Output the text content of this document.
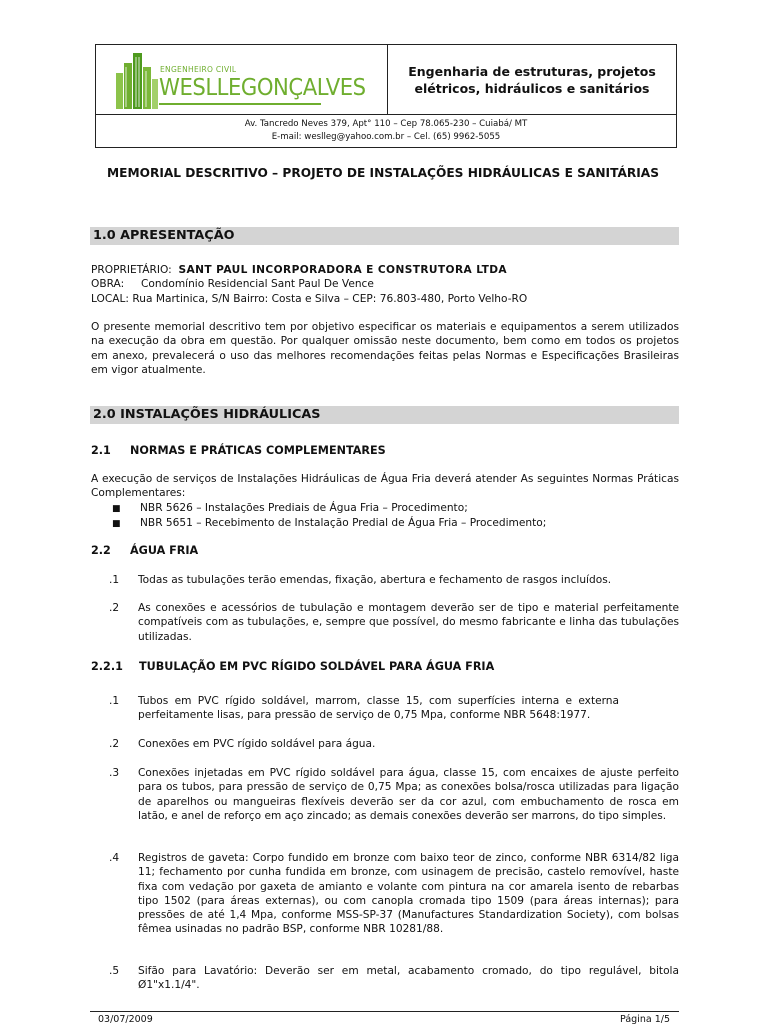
ENGENHEIRO CIVIL
WESLLEGONÇALVES
Engenharia de estruturas, projetos elétricos, hidráulicos e sanitários
Av. Tancredo Neves 379, Apt° 110 – Cep 78.065-230 – Cuiabá/ MT
E-mail: weslleg@yahoo.com.br – Cel. (65) 9962-5055
MEMORIAL DESCRITIVO – PROJETO DE INSTALAÇÕES HIDRÁULICAS E SANITÁRIAS
1.0 APRESENTAÇÃO
PROPRIETÁRIO: SANT PAUL INCORPORADORA E CONSTRUTORA LTDA
OBRA: Condomínio Residencial Sant Paul De Vence
LOCAL: Rua Martinica, S/N Bairro: Costa e Silva – CEP: 76.803-480, Porto Velho-RO
O presente memorial descritivo tem por objetivo especificar os materiais e equipamentos a serem utilizados na execução da obra em questão. Por qualquer omissão neste documento, bem como em todos os projetos em anexo, prevalecerá o uso das melhores recomendações feitas pelas Normas e Especificações Brasileiras em vigor atualmente.
2.0 INSTALAÇÕES HIDRÁULICAS
2.1 NORMAS E PRÁTICAS COMPLEMENTARES
A execução de serviços de Instalações Hidráulicas de Água Fria deverá atender As seguintes Normas Práticas Complementares:
■ NBR 5626 – Instalações Prediais de Água Fria – Procedimento;
■ NBR 5651 – Recebimento de Instalação Predial de Água Fria – Procedimento;
2.2 ÁGUA FRIA
.1 Todas as tubulações terão emendas, fixação, abertura e fechamento de rasgos incluídos.
.2 As conexões e acessórios de tubulação e montagem deverão ser de tipo e material perfeitamente compatíveis com as tubulações, e, sempre que possível, do mesmo fabricante e linha das tubulações utilizadas.
2.2.1 TUBULAÇÃO EM PVC RÍGIDO SOLDÁVEL PARA ÁGUA FRIA
.1 Tubos em PVC rígido soldável, marrom, classe 15, com superfícies interna e externa perfeitamente lisas, para pressão de serviço de 0,75 Mpa, conforme NBR 5648:1977.
.2 Conexões em PVC rígido soldável para água.
.3 Conexões injetadas em PVC rígido soldável para água, classe 15, com encaixes de ajuste perfeito para os tubos, para pressão de serviço de 0,75 Mpa; as conexões bolsa/rosca utilizadas para ligação de aparelhos ou mangueiras flexíveis deverão ser da cor azul, com embuchamento de rosca em latão, e anel de reforço em aço zincado; as demais conexões deverão ser marrons, do tipo simples.
.4 Registros de gaveta: Corpo fundido em bronze com baixo teor de zinco, conforme NBR 6314/82 liga 11; fechamento por cunha fundida em bronze, com usinagem de precisão, castelo removível, haste fixa com vedação por gaxeta de amianto e volante com pintura na cor amarela isento de rebarbas tipo 1502 (para áreas externas), ou com canopla cromada tipo 1509 (para áreas internas); para pressões de até 1,4 Mpa, conforme MSS-SP-37 (Manufactures Standardization Society), com bolsas fêmea usinadas no padrão BSP, conforme NBR 10281/88.
.5 Sifão para Lavatório: Deverão ser em metal, acabamento cromado, do tipo regulável, bitola Ø1"x1.1/4".
03/07/2009	Página 1/5
